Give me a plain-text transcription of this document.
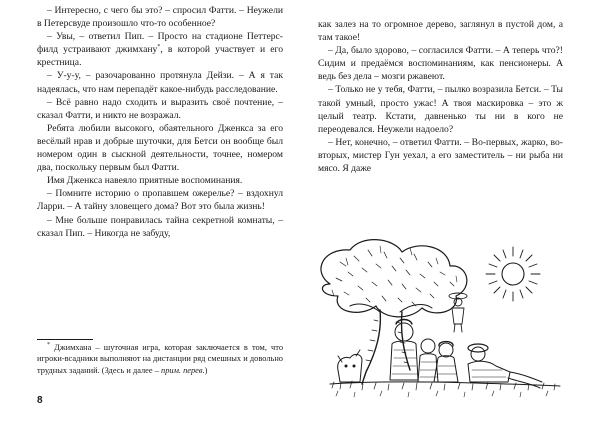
– Интересно, с чего бы это? – спросил Фатти. – Неужели в Петерсвуде произошло что-то особенное?

– Увы, – ответил Пип. – Просто на стадионе Петтерс-филд устраивают джимхану*, в которой участвует и его крестница.

– У-у-у, – разочарованно протянула Дейзи. – А я так надеялась, что нам перепадёт какое-нибудь расследование.

– Всё равно надо сходить и выразить своё почтение, – сказал Фатти, и никто не возражал.

Ребята любили высокого, обаятельного Дженкса за его весёлый нрав и добрые шуточки, для Бетси он вообще был номером один в сыскной деятельности, точнее, номером два, поскольку первым был Фатти.

Имя Дженкса навеяло приятные воспоминания.

– Помните историю о пропавшем ожерелье? – вздохнул Ларри. – А тайну зловещего дома? Вот это была жизнь!

– Мне больше понравилась тайна секретной комнаты, – сказал Пип. – Никогда не забуду,

* Джимхана – шуточная игра, которая заключается в том, что игроки-всадники выполняют на дистанции ряд смешных и довольно трудных заданий. (Здесь и далее – прим. перев.)

8

как залез на то огромное дерево, заглянул в пустой дом, а там такое!

– Да, было здорово, – согласился Фатти. – А теперь что?! Сидим и предаёмся воспоминаниям, как пенсионеры. А ведь без дела – мозги ржавеют.

– Только не у тебя, Фатти, – пылко возразила Бетси. – Ты такой умный, просто ужас! А твоя маскировка – это ж целый театр. Кстати, давненько ты ни в кого не переодевался. Неужели надоело?

– Нет, конечно, – ответил Фатти. – Во-первых, жарко, во-вторых, мистер Гун уехал, а его заместитель – ни рыба ни мясо. Я даже
